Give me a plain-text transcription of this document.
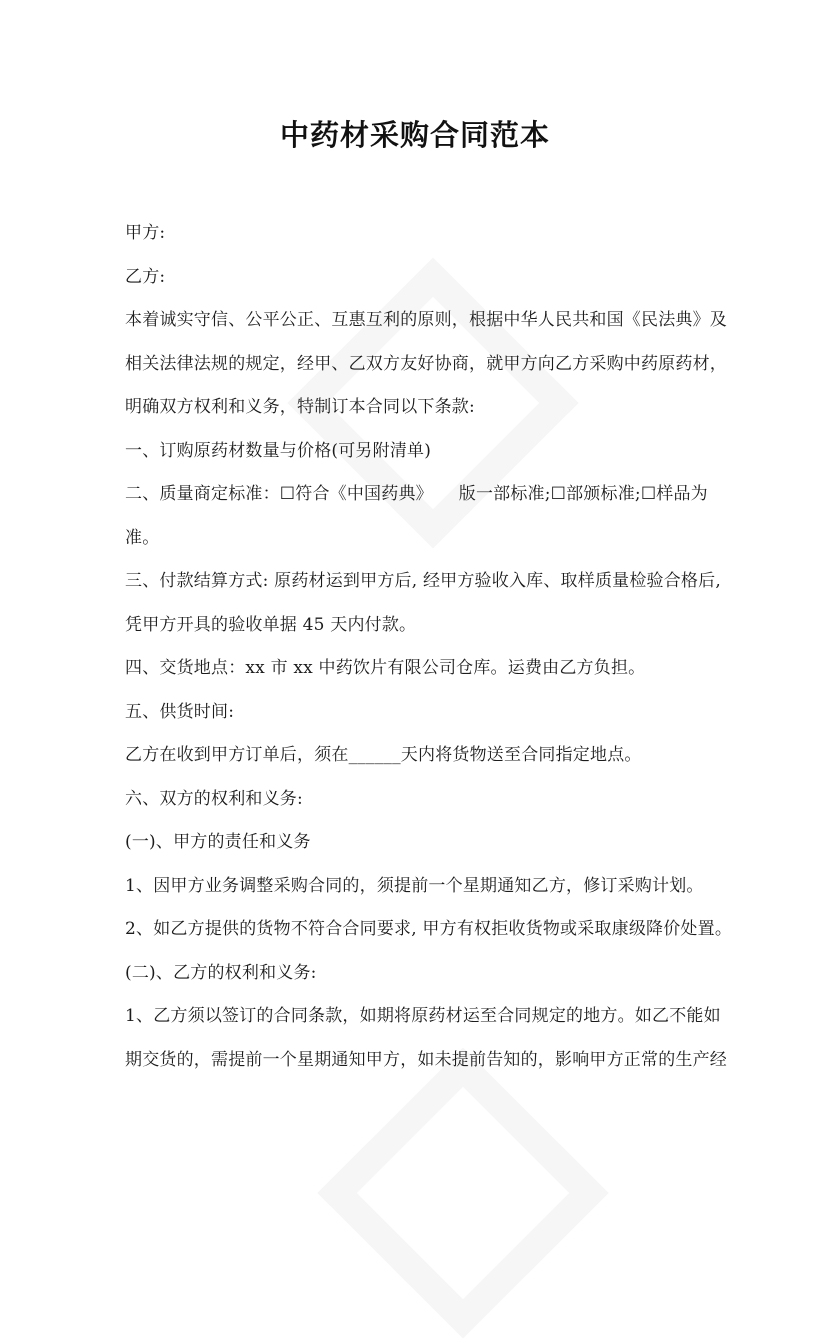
中药材采购合同范本
甲方:
乙方:
本着诚实守信、公平公正、互惠互利的原则，根据中华人民共和国《民法典》及
相关法律法规的规定，经甲、乙双方友好协商，就甲方向乙方采购中药原药材，
明确双方权利和义务，特制订本合同以下条款:
一、订购原药材数量与价格(可另附清单)
二、质量商定标准：☐符合《中国药典》　　版一部标准;☐部颁标准;☐样品为
准。
三、付款结算方式: 原药材运到甲方后, 经甲方验收入库、取样质量检验合格后,
凭甲方开具的验收单据 45 天内付款。
四、交货地点：xx 市 xx 中药饮片有限公司仓库。运费由乙方负担。
五、供货时间:
乙方在收到甲方订单后，须在______天内将货物送至合同指定地点。
六、双方的权利和义务:
(一)、甲方的责任和义务
1、因甲方业务调整采购合同的，须提前一个星期通知乙方，修订采购计划。
2、如乙方提供的货物不符合合同要求, 甲方有权拒收货物或采取康级降价处置。
(二)、乙方的权利和义务:
1、乙方须以签订的合同条款，如期将原药材运至合同规定的地方。如乙不能如
期交货的，需提前一个星期通知甲方，如未提前告知的，影响甲方正常的生产经
